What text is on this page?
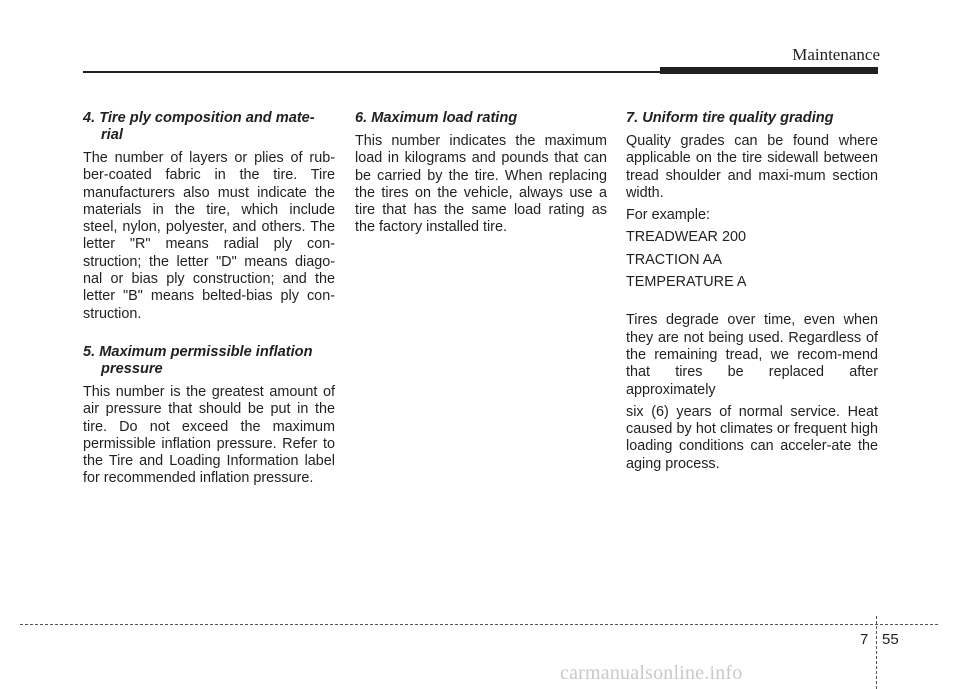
Maintenance
4. Tire ply composition and mate-rial

The number of layers or plies of rub-ber-coated fabric in the tire. Tire manufacturers also must indicate the materials in the tire, which include steel, nylon, polyester, and others. The letter "R" means radial ply con-struction; the letter "D" means diago-nal or bias ply construction; and the letter "B" means belted-bias ply con-struction.

5. Maximum permissible inflation pressure

This number is the greatest amount of air pressure that should be put in the tire. Do not exceed the maximum permissible inflation pressure. Refer to the Tire and Loading Information label for recommended inflation pressure.

6. Maximum load rating

This number indicates the maximum load in kilograms and pounds that can be carried by the tire. When replacing the tires on the vehicle, always use a tire that has the same load rating as the factory installed tire.

7. Uniform tire quality grading

Quality grades can be found where applicable on the tire sidewall between tread shoulder and maxi-mum section width.

For example:

TREADWEAR 200

TRACTION AA

TEMPERATURE A

Tires degrade over time, even when they are not being used. Regardless of the remaining tread, we recom-mend that tires be replaced after approximately

six (6) years of normal service. Heat caused by hot climates or frequent high loading conditions can acceler-ate the aging process.

7 55
carmanualsonline.info
